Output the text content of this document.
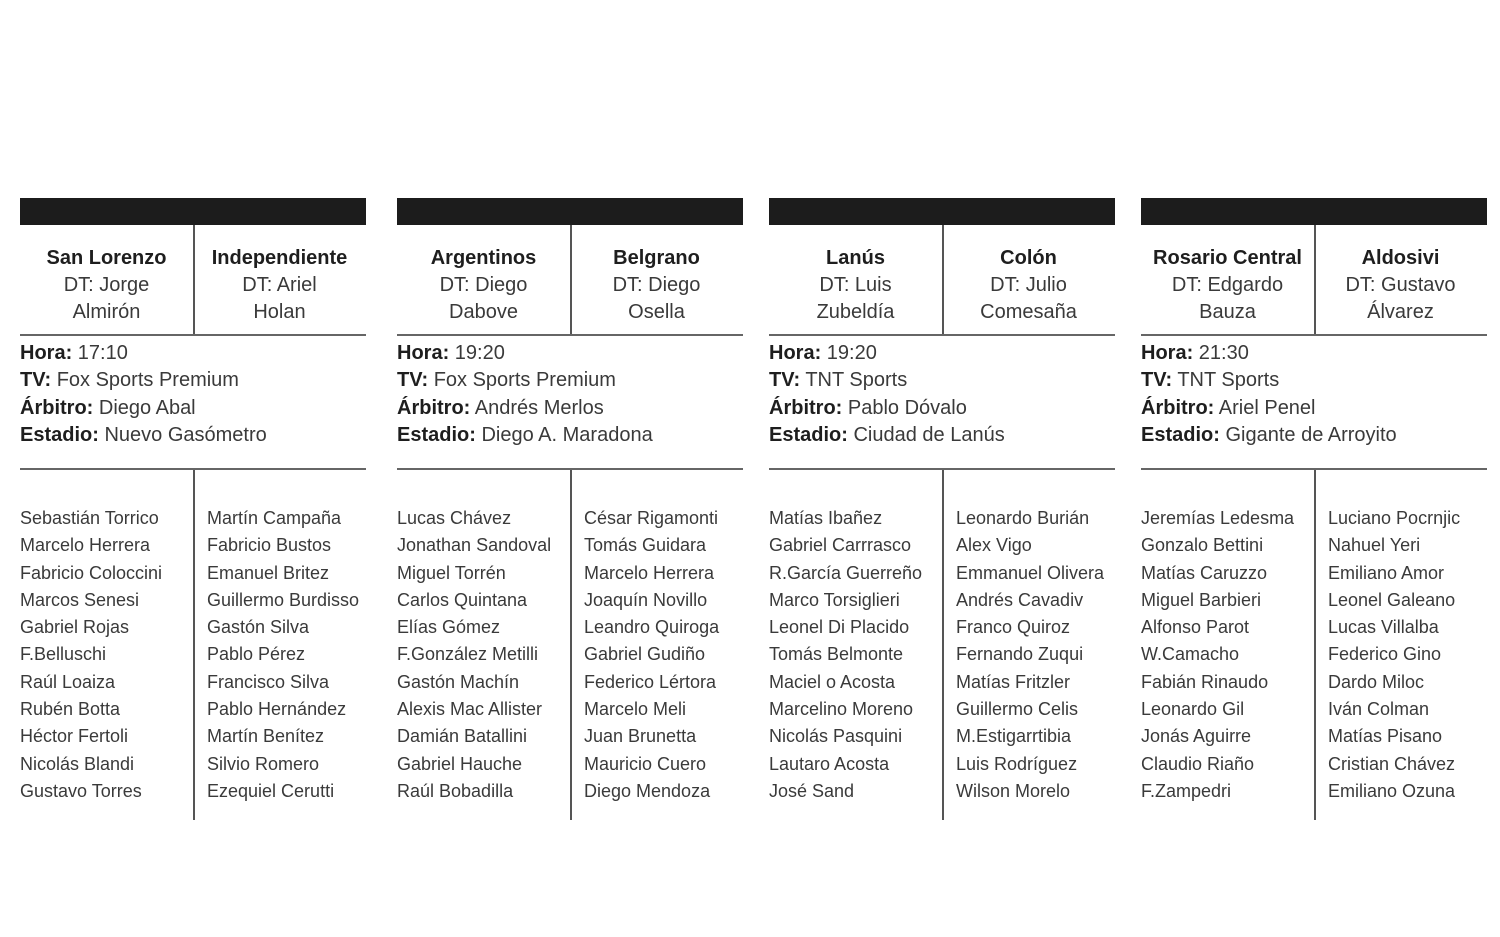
San Lorenzo
DT: Jorge
Almirón
Independiente
DT: Ariel
Holan
Hora: 17:10
TV: Fox Sports Premium
Árbitro: Diego Abal
Estadio: Nuevo Gasómetro
Sebastián Torrico
Marcelo Herrera
Fabricio Coloccini
Marcos Senesi
Gabriel Rojas
F.Belluschi
Raúl Loaiza
Rubén Botta
Héctor Fertoli
Nicolás Blandi
Gustavo Torres
Martín Campaña
Fabricio Bustos
Emanuel Britez
Guillermo Burdisso
Gastón Silva
Pablo Pérez
Francisco Silva
Pablo Hernández
Martín Benítez
Silvio Romero
Ezequiel Cerutti
Argentinos
DT: Diego
Dabove
Belgrano
DT: Diego
Osella
Hora: 19:20
TV: Fox Sports Premium
Árbitro: Andrés Merlos
Estadio: Diego A. Maradona
Lucas Chávez
Jonathan Sandoval
Miguel Torrén
Carlos Quintana
Elías Gómez
F.González Metilli
Gastón Machín
Alexis Mac Allister
Damián Batallini
Gabriel Hauche
Raúl Bobadilla
César Rigamonti
Tomás Guidara
Marcelo Herrera
Joaquín Novillo
Leandro Quiroga
Gabriel Gudiño
Federico Lértora
Marcelo Meli
Juan Brunetta
Mauricio Cuero
Diego Mendoza
Lanús
DT: Luis
Zubeldía
Colón
DT: Julio
Comesaña
Hora: 19:20
TV: TNT Sports
Árbitro: Pablo Dóvalo
Estadio: Ciudad de Lanús
Matías Ibañez
Gabriel Carrrasco
R.García Guerreño
Marco Torsiglieri
Leonel Di Placido
Tomás Belmonte
Maciel o Acosta
Marcelino Moreno
Nicolás Pasquini
Lautaro Acosta
José Sand
Leonardo Burián
Alex Vigo
Emmanuel Olivera
Andrés Cavadiv
Franco Quiroz
Fernando Zuqui
Matías Fritzler
Guillermo Celis
M.Estigarrtibia
Luis Rodríguez
Wilson Morelo
Rosario Central
DT: Edgardo
Bauza
Aldosivi
DT: Gustavo
Álvarez
Hora: 21:30
TV: TNT Sports
Árbitro: Ariel Penel
Estadio: Gigante de Arroyito
Jeremías Ledesma
Gonzalo Bettini
Matías Caruzzo
Miguel Barbieri
Alfonso Parot
W.Camacho
Fabián Rinaudo
Leonardo Gil
Jonás Aguirre
Claudio Riaño
F.Zampedri
Luciano Pocrnjic
Nahuel Yeri
Emiliano Amor
Leonel Galeano
Lucas Villalba
Federico Gino
Dardo Miloc
Iván Colman
Matías Pisano
Cristian Chávez
Emiliano Ozuna
